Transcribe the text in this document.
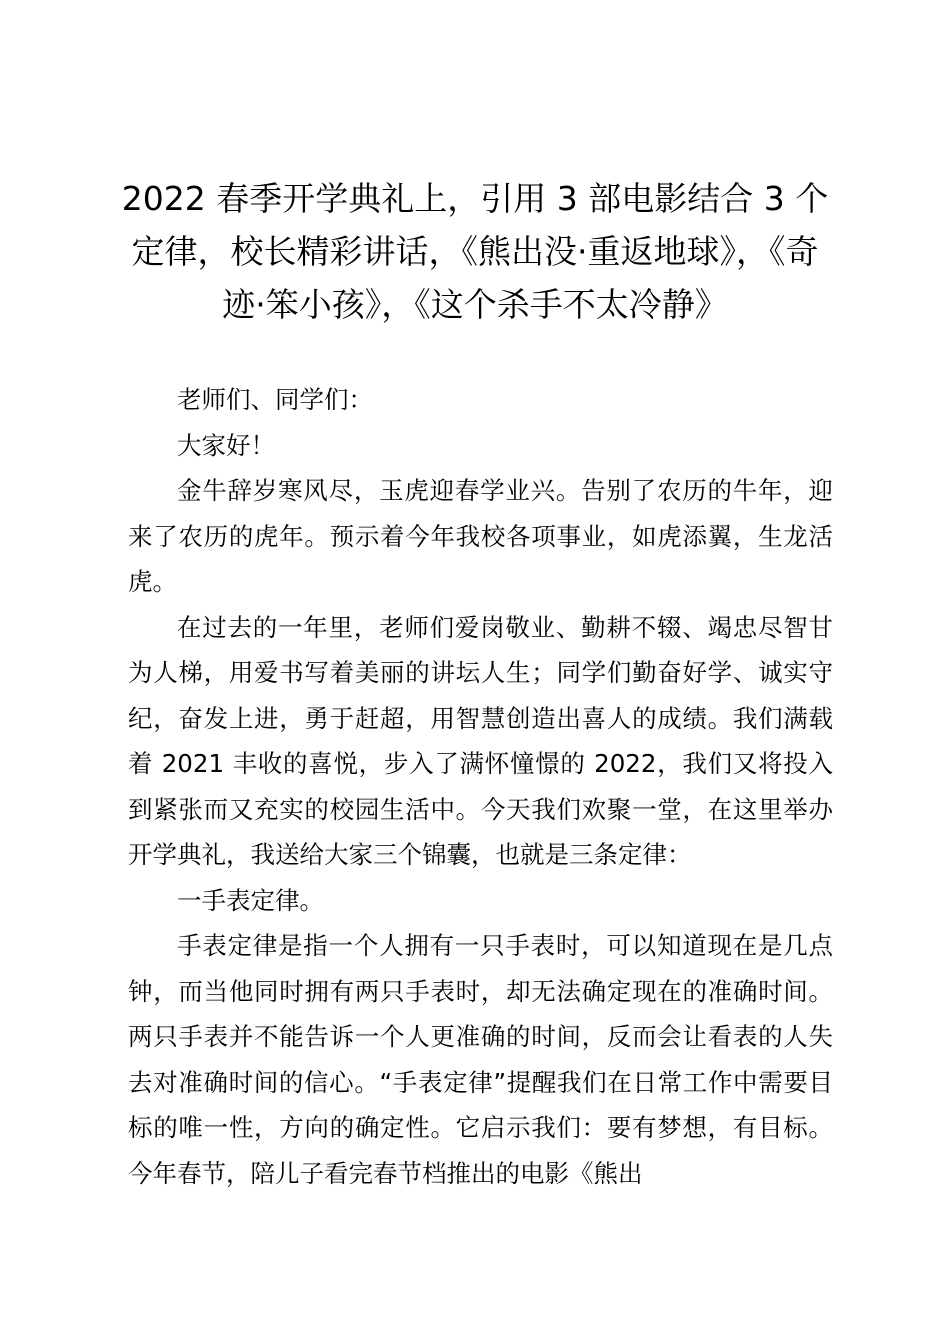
2022 春季开学典礼上，引用 3 部电影结合 3 个定律，校长精彩讲话，《熊出没·重返地球》，《奇迹·笨小孩》，《这个杀手不太冷静》

老师们、同学们：

大家好！

金牛辞岁寒风尽，玉虎迎春学业兴。告别了农历的牛年，迎来了农历的虎年。预示着今年我校各项事业，如虎添翼，生龙活虎。

在过去的一年里，老师们爱岗敬业、勤耕不辍、竭忠尽智甘为人梯，用爱书写着美丽的讲坛人生；同学们勤奋好学、诚实守纪，奋发上进，勇于赶超，用智慧创造出喜人的成绩。我们满载着 2021 丰收的喜悦，步入了满怀憧憬的 2022，我们又将投入到紧张而又充实的校园生活中。今天我们欢聚一堂，在这里举办开学典礼，我送给大家三个锦囊，也就是三条定律：

一手表定律。

手表定律是指一个人拥有一只手表时，可以知道现在是几点钟，而当他同时拥有两只手表时，却无法确定现在的准确时间。两只手表并不能告诉一个人更准确的时间，反而会让看表的人失去对准确时间的信心。“手表定律”提醒我们在日常工作中需要目标的唯一性，方向的确定性。它启示我们：要有梦想，有目标。今年春节，陪儿子看完春节档推出的电影《熊出
